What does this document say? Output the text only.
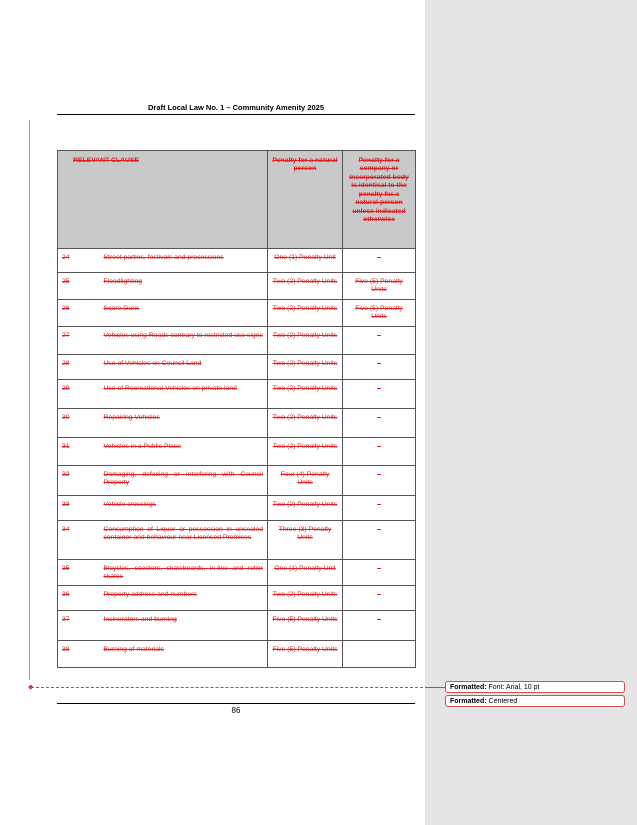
Draft Local Law No. 1 – Community Amenity 2025
RELEVANT CLAUSE		Penalty for a natural person	Penalty for a company or incorporated body is identical to the penalty for a natural person unless indicated otherwise
24	Street parties, festivals and processions	One (1) Penalty Unit	–
25	Floodlighting	Two (2) Penalty Units	Five (5) Penalty Units
26	Scare Guns	Two (2) Penalty Units	Five (5) Penalty Units
27	Vehicles using Roads contrary to restricted use signs	Two (2) Penalty Units	–
28	Use of Vehicles on Council Land	Two (2) Penalty Units	–
29	Use of Recreational Vehicles on private land	Two (2) Penalty Units	–
30	Repairing Vehicles	Two (2) Penalty Units	–
31	Vehicles in a Public Place	Two (2) Penalty Units	–
32	Damaging, defacing or interfering with Council Property	Four (4) Penalty Units	–
33	Vehicle crossings	Two (2) Penalty Units	–
34	Consumption of Liquor or possession in unsealed container and behaviour near Licensed Premises	Three (3) Penalty Units	–
35	Bicycles, scooters, skateboards, in-line and roller skates	One (1) Penalty Unit	–
36	Property address and numbers	Two (2) Penalty Units	–
37	Incinerators and burning	Five (5) Penalty Units	–
38	Burning of materials	Five (5) Penalty Units	
◆	Formatted: Font: Arial, 10 pt
Formatted: Centered
86
